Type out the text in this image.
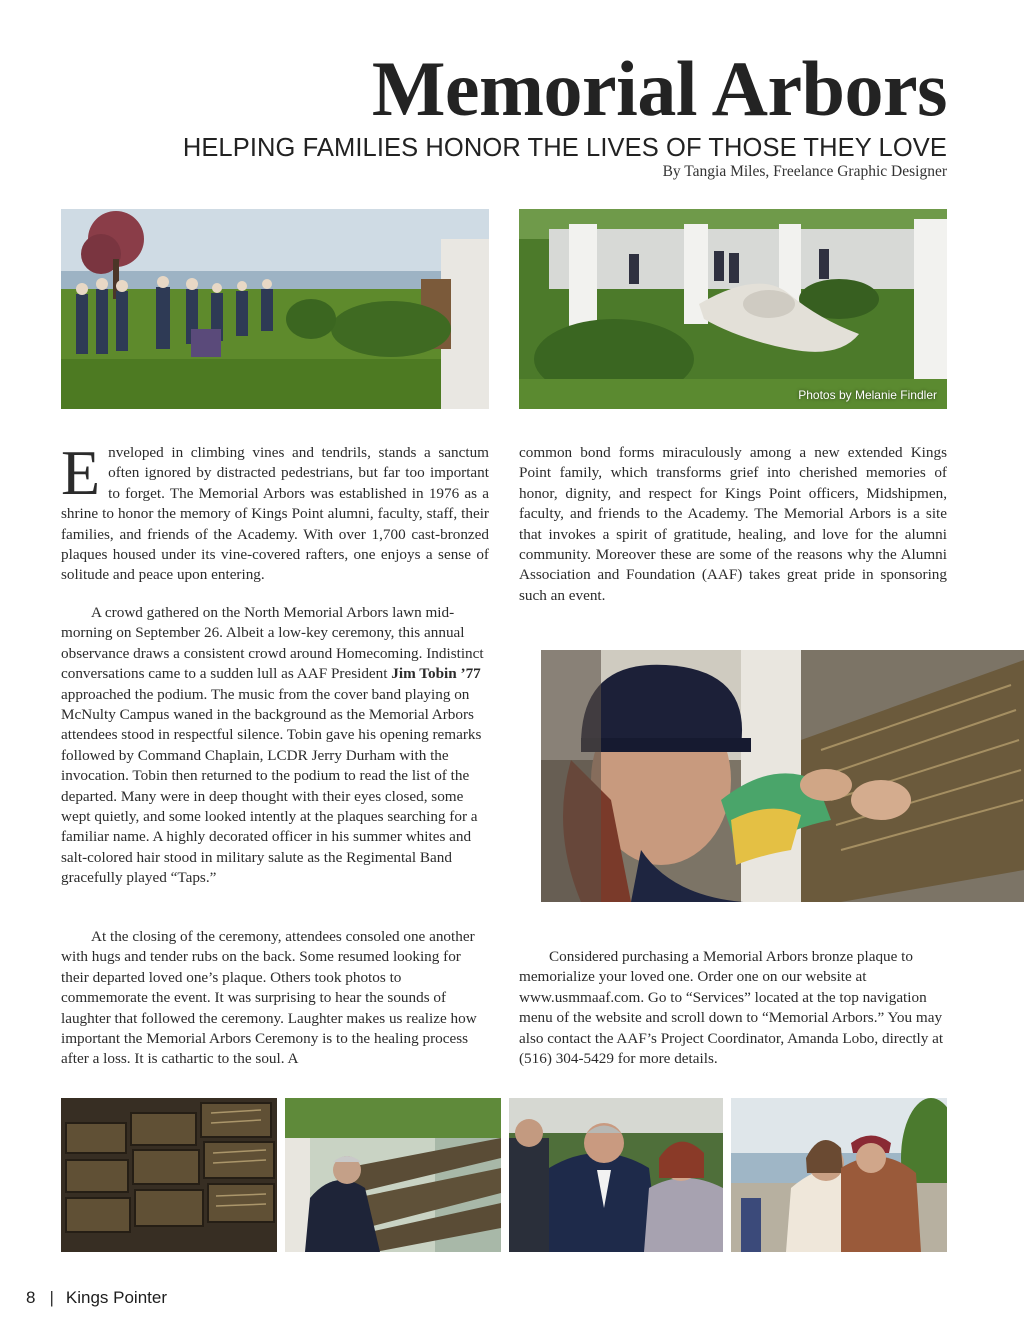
Memorial Arbors
HELPING FAMILIES HONOR THE LIVES OF THOSE THEY LOVE
By Tangia Miles, Freelance Graphic Designer
Photos by Melanie Findler
Enveloped in climbing vines and tendrils, stands a sanctum often ignored by distracted pedestrians, but far too important to forget. The Memorial Arbors was established in 1976 as a shrine to honor the memory of Kings Point alumni, faculty, staff, their families, and friends of the Academy. With over 1,700 cast-bronzed plaques housed under its vine-covered rafters, one enjoys a sense of solitude and peace upon entering.
A crowd gathered on the North Memorial Arbors lawn mid-morning on September 26. Albeit a low-key ceremony, this annual observance draws a consistent crowd around Homecoming. Indistinct conversations came to a sudden lull as AAF President Jim Tobin ’77 approached the podium. The music from the cover band playing on McNulty Campus waned in the background as the Memorial Arbors attendees stood in respectful silence. Tobin gave his opening remarks followed by Command Chaplain, LCDR Jerry Durham with the invocation. Tobin then returned to the podium to read the list of the departed. Many were in deep thought with their eyes closed, some wept quietly, and some looked intently at the plaques searching for a familiar name. A highly decorated officer in his summer whites and salt-colored hair stood in military salute as the Regimental Band gracefully played “Taps.”
At the closing of the ceremony, attendees consoled one another with hugs and tender rubs on the back. Some resumed looking for their departed loved one’s plaque. Others took photos to commemorate the event. It was surprising to hear the sounds of laughter that followed the ceremony. Laughter makes us realize how important the Memorial Arbors Ceremony is to the healing process after a loss. It is cathartic to the soul. A
common bond forms miraculously among a new extended Kings Point family, which transforms grief into cherished memories of honor, dignity, and respect for Kings Point officers, Midshipmen, faculty, and friends to the Academy. The Memorial Arbors is a site that invokes a spirit of gratitude, healing, and love for the alumni community. Moreover these are some of the reasons why the Alumni Association and Foundation (AAF) takes great pride in sponsoring such an event.
Considered purchasing a Memorial Arbors bronze plaque to memorialize your loved one. Order one on our website at www.usmmaaf.com. Go to “Services” located at the top navigation menu of the website and scroll down to “Memorial Arbors.” You may also contact the AAF’s Project Coordinator, Amanda Lobo, directly at (516) 304-5429 for more details.
8 | Kings Pointer
